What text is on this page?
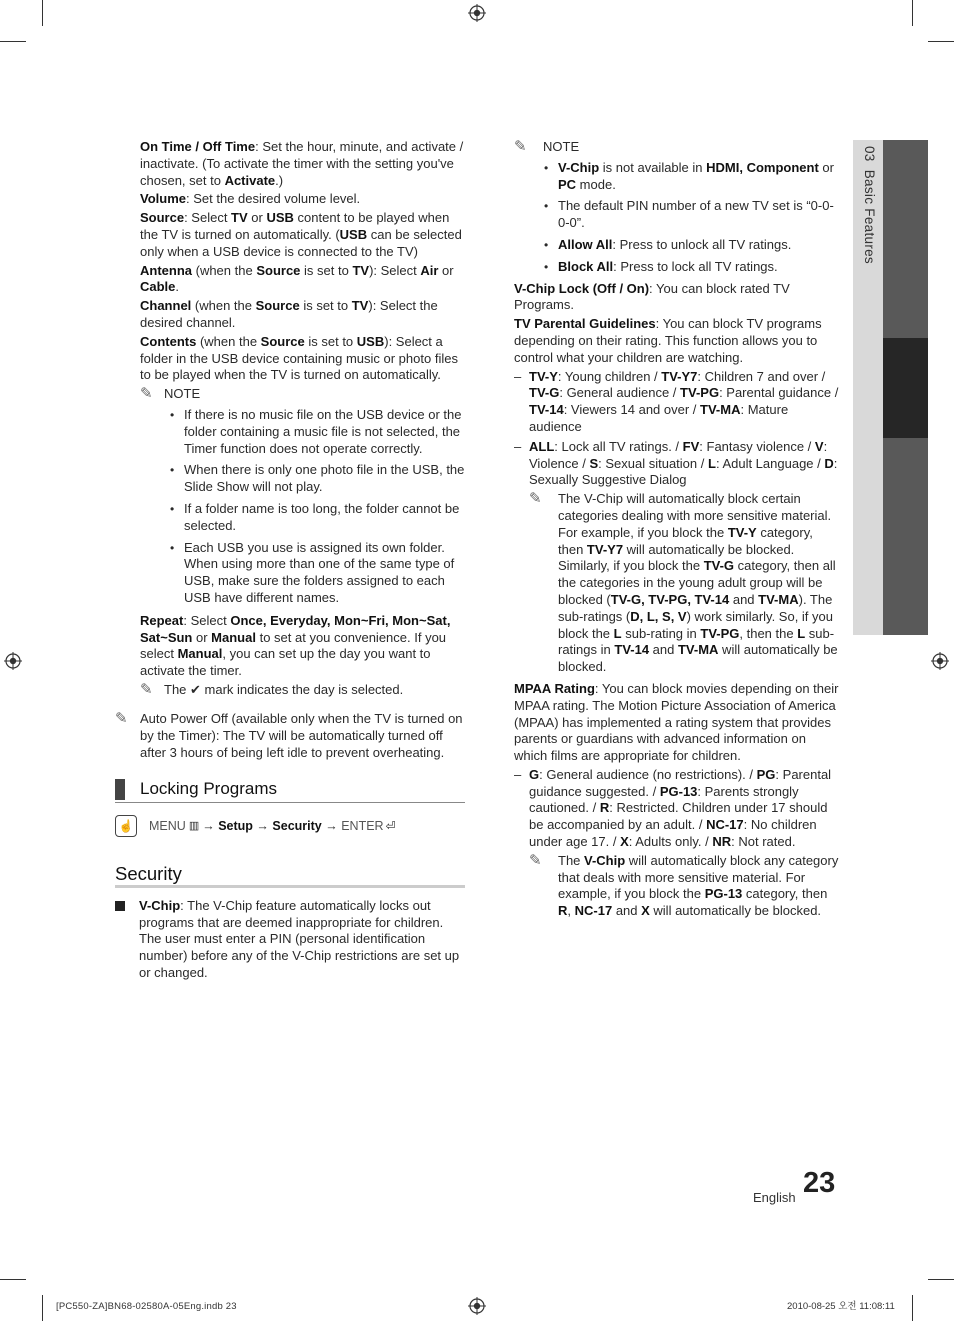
03  Basic Features

On Time / Off Time: Set the hour, minute, and activate / inactivate. (To activate the timer with the setting you've chosen, set to Activate.)

Volume: Set the desired volume level.

Source: Select TV or USB content to be played when the TV is turned on automatically. (USB can be selected only when a USB device is connected to the TV)

Antenna (when the Source is set to TV): Select Air or Cable.

Channel (when the Source is set to TV): Select the desired channel.

Contents (when the Source is set to USB): Select a folder in the USB device containing music or photo files to be played when the TV is turned on automatically.

✎ NOTE
• If there is no music file on the USB device or the folder containing a music file is not selected, the Timer function does not operate correctly.
• When there is only one photo file in the USB, the Slide Show will not play.
• If a folder name is too long, the folder cannot be selected.
• Each USB you use is assigned its own folder. When using more than one of the same type of USB, make sure the folders assigned to each USB have different names.

Repeat: Select Once, Everyday, Mon~Fri, Mon~Sat, Sat~Sun or Manual to set at you convenience. If you select Manual, you can set up the day you want to activate the timer.

✎ The ✔ mark indicates the day is selected.
✎ Auto Power Off (available only when the TV is turned on by the Timer): The TV will be automatically turned off after 3 hours of being left idle to prevent overheating.
Locking Programs
☝ MENU ▥ →
Setup
→
Security
→
ENTER ⏎
Security

V-Chip: The V-Chip feature automatically locks out programs that are deemed inappropriate for children. The user must enter a PIN (personal identification number) before any of the V-Chip restrictions are set up or changed.

✎	NOTE
• V-Chip is not available in HDMI, Component or PC mode.
• The default PIN number of a new TV set is “0-0-0-0”.
• Allow All: Press to unlock all TV ratings.
• Block All: Press to lock all TV ratings.

V-Chip Lock (Off / On): You can block rated TV Programs.

TV Parental Guidelines: You can block TV programs depending on their rating. This function allows you to control what your children are watching.

– TV-Y: Young children / TV-Y7: Children 7 and over / TV-G: General audience / TV-PG: Parental guidance / TV-14: Viewers 14 and over / TV-MA: Mature audience
– ALL: Lock all TV ratings. / FV: Fantasy violence / V: Violence / S: Sexual situation / L: Adult Language / D: Sexually Suggestive Dialog
✎	The V-Chip will automatically block certain categories dealing with more sensitive material. For example, if you block the TV-Y category, then TV-Y7 will automatically be blocked. Similarly, if you block the TV-G category, then all the categories in the young adult group will be blocked (TV-G, TV-PG, TV-14 and TV-MA). The sub-ratings (D, L, S, V) work similarly. So, if you block the L sub-rating in TV-PG, then the L sub-ratings in TV-14 and TV-MA will automatically be blocked.

MPAA Rating: You can block movies depending on their MPAA rating. The Motion Picture Association of America (MPAA) has implemented a rating system that provides parents or guardians with advanced information on which films are appropriate for children.

– G: General audience (no restrictions). / PG: Parental guidance suggested. / PG-13: Parents strongly cautioned. / R: Restricted. Children under 17 should be accompanied by an adult. / NC-17: No children under age 17. / X: Adults only. / NR: Not rated.
✎	The V-Chip will automatically block any category that deals with more sensitive material. For example, if you block the PG-13 category, then R, NC-17 and X will automatically be blocked.
English 23
[PC550-ZA]BN68-02580A-05Eng.indb 23	2010-08-25 오전 11:08:11
